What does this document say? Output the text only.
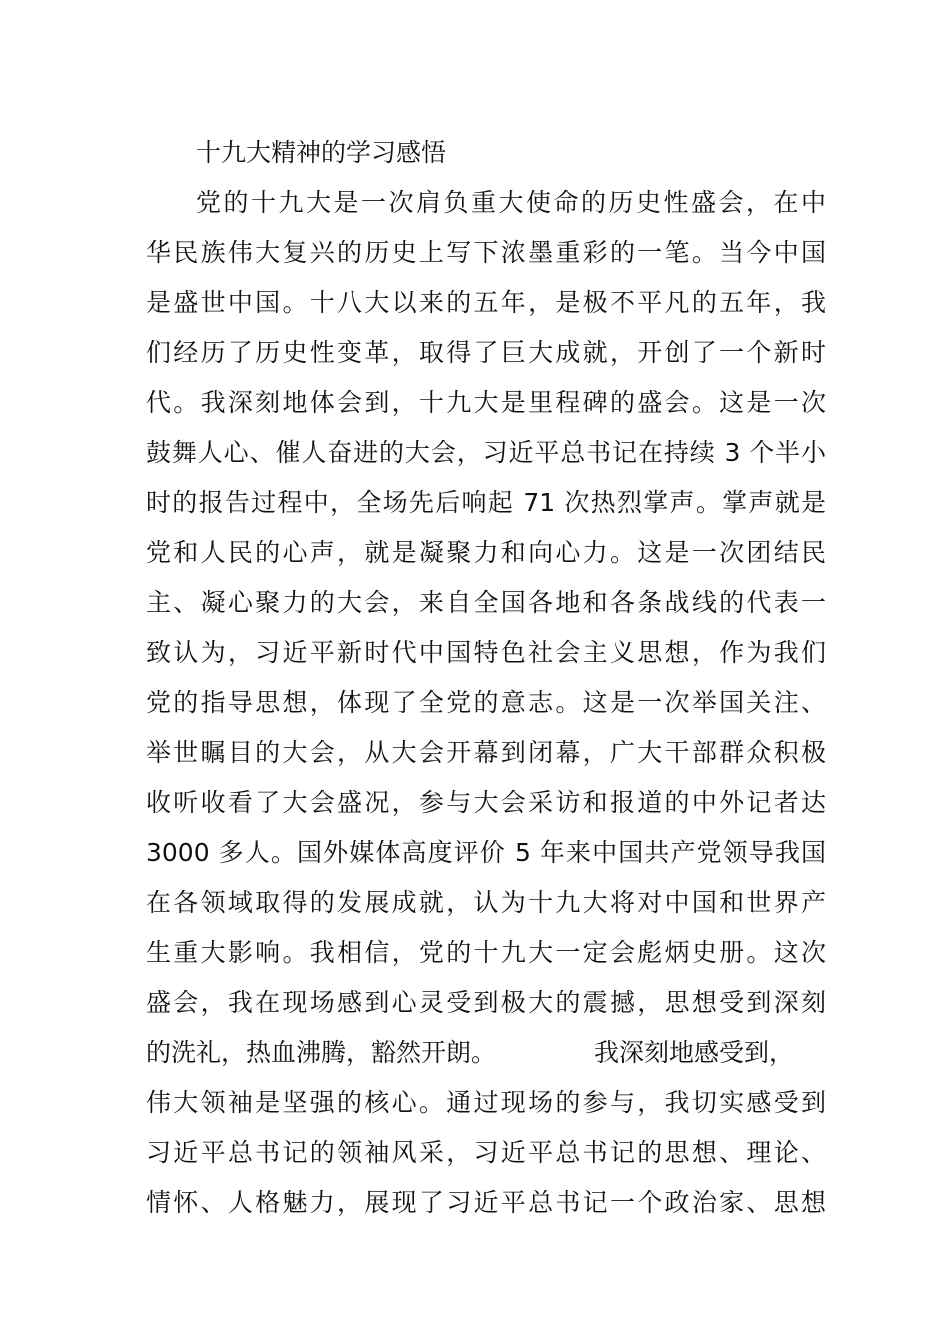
十九大精神的学习感悟
党的十九大是一次肩负重大使命的历史性盛会，在中
华民族伟大复兴的历史上写下浓墨重彩的一笔。当今中国
是盛世中国。十八大以来的五年，是极不平凡的五年，我
们经历了历史性变革，取得了巨大成就，开创了一个新时
代。我深刻地体会到，十九大是里程碑的盛会。这是一次
鼓舞人心、催人奋进的大会，习近平总书记在持续 3 个半小
时的报告过程中，全场先后响起 71 次热烈掌声。掌声就是
党和人民的心声，就是凝聚力和向心力。这是一次团结民
主、凝心聚力的大会，来自全国各地和各条战线的代表一
致认为，习近平新时代中国特色社会主义思想，作为我们
党的指导思想，体现了全党的意志。这是一次举国关注、
举世瞩目的大会，从大会开幕到闭幕，广大干部群众积极
收听收看了大会盛况，参与大会采访和报道的中外记者达
3000 多人。国外媒体高度评价 5 年来中国共产党领导我国
在各领域取得的发展成就，认为十九大将对中国和世界产
生重大影响。我相信，党的十九大一定会彪炳史册。这次
盛会，我在现场感到心灵受到极大的震撼，思想受到深刻
的洗礼，热血沸腾，豁然开朗。	我深刻地感受到，
伟大领袖是坚强的核心。通过现场的参与，我切实感受到
习近平总书记的领袖风采，习近平总书记的思想、理论、
情怀、人格魅力，展现了习近平总书记一个政治家、思想
